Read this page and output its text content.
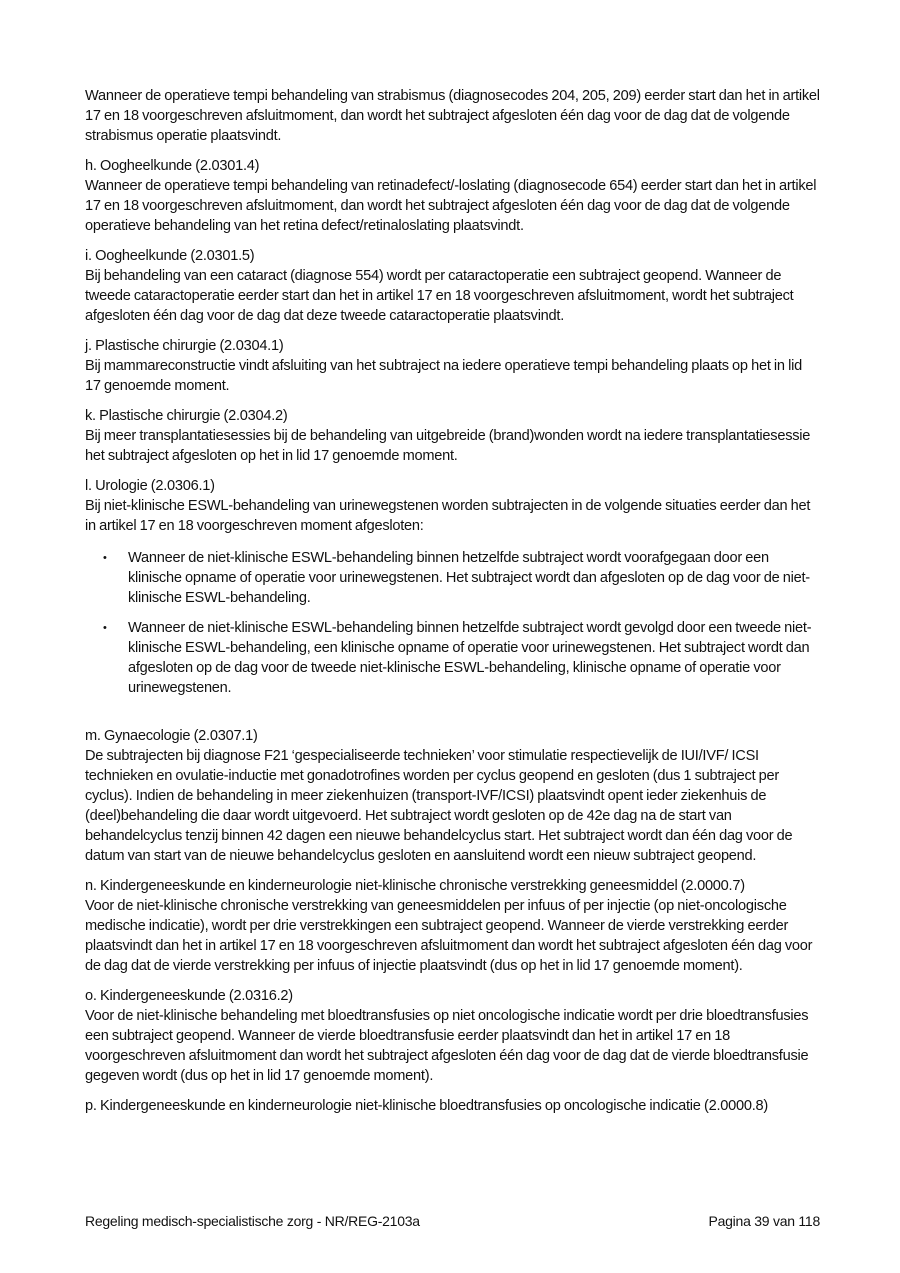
Wanneer de operatieve tempi behandeling van strabismus (diagnosecodes 204, 205, 209) eerder start dan het in artikel 17 en 18 voorgeschreven afsluitmoment, dan wordt het subtraject afgesloten één dag voor de dag dat de volgende strabismus operatie plaatsvindt.

h. Oogheelkunde (2.0301.4)
Wanneer de operatieve tempi behandeling van retinadefect/-loslating (diagnosecode 654) eerder start dan het in artikel 17 en 18 voorgeschreven afsluitmoment, dan wordt het subtraject afgesloten één dag voor de dag dat de volgende operatieve behandeling van het retina defect/retinaloslating plaatsvindt.
i. Oogheelkunde (2.0301.5)
Bij behandeling van een cataract (diagnose 554) wordt per cataractoperatie een subtraject geopend. Wanneer de tweede cataractoperatie eerder start dan het in artikel 17 en 18 voorgeschreven afsluitmoment, wordt het subtraject afgesloten één dag voor de dag dat deze tweede cataractoperatie plaatsvindt.
j. Plastische chirurgie (2.0304.1)
Bij mammareconstructie vindt afsluiting van het subtraject na iedere operatieve tempi behandeling plaats op het in lid 17 genoemde moment.
k. Plastische chirurgie (2.0304.2)
Bij meer transplantatiesessies bij de behandeling van uitgebreide (brand)wonden wordt na iedere transplantatiesessie het subtraject afgesloten op het in lid 17 genoemde moment.
l. Urologie (2.0306.1)
Bij niet-klinische ESWL-behandeling van urinewegstenen worden subtrajecten in de volgende situaties eerder dan het in artikel 17 en 18 voorgeschreven moment afgesloten:
• Wanneer de niet-klinische ESWL-behandeling binnen hetzelfde subtraject wordt voorafgegaan door een klinische opname of operatie voor urinewegstenen. Het subtraject wordt dan afgesloten op de dag voor de niet-klinische ESWL-behandeling.
• Wanneer de niet-klinische ESWL-behandeling binnen hetzelfde subtraject wordt gevolgd door een tweede niet-klinische ESWL-behandeling, een klinische opname of operatie voor urinewegstenen. Het subtraject wordt dan afgesloten op de dag voor de tweede niet-klinische ESWL-behandeling, klinische opname of operatie voor urinewegstenen.
m. Gynaecologie (2.0307.1)
De subtrajecten bij diagnose F21 ‘gespecialiseerde technieken’ voor stimulatie respectievelijk de IUI/IVF/ ICSI technieken en ovulatie-inductie met gonadotrofines worden per cyclus geopend en gesloten (dus 1 subtraject per cyclus). Indien de behandeling in meer ziekenhuizen (transport-IVF/ICSI) plaatsvindt opent ieder ziekenhuis de (deel)behandeling die daar wordt uitgevoerd. Het subtraject wordt gesloten op de 42e dag na de start van behandelcyclus tenzij binnen 42 dagen een nieuwe behandelcyclus start. Het subtraject wordt dan één dag voor de datum van start van de nieuwe behandelcyclus gesloten en aansluitend wordt een nieuw subtraject geopend.
n. Kindergeneeskunde en kinderneurologie niet-klinische chronische verstrekking geneesmiddel (2.0000.7)
Voor de niet-klinische chronische verstrekking van geneesmiddelen per infuus of per injectie (op niet-oncologische medische indicatie), wordt per drie verstrekkingen een subtraject geopend. Wanneer de vierde verstrekking eerder plaatsvindt dan het in artikel 17 en 18 voorgeschreven afsluitmoment dan wordt het subtraject afgesloten één dag voor de dag dat de vierde verstrekking per infuus of injectie plaatsvindt (dus op het in lid 17 genoemde moment).
o. Kindergeneeskunde (2.0316.2)
Voor de niet-klinische behandeling met bloedtransfusies op niet oncologische indicatie wordt per drie bloedtransfusies een subtraject geopend. Wanneer de vierde bloedtransfusie eerder plaatsvindt dan het in artikel 17 en 18 voorgeschreven afsluitmoment dan wordt het subtraject afgesloten één dag voor de dag dat de vierde bloedtransfusie gegeven wordt (dus op het in lid 17 genoemde moment).
p. Kindergeneeskunde en kinderneurologie niet-klinische bloedtransfusies op oncologische indicatie (2.0000.8)
Regeling medisch-specialistische zorg - NR/REG-2103a	Pagina 39 van 118
